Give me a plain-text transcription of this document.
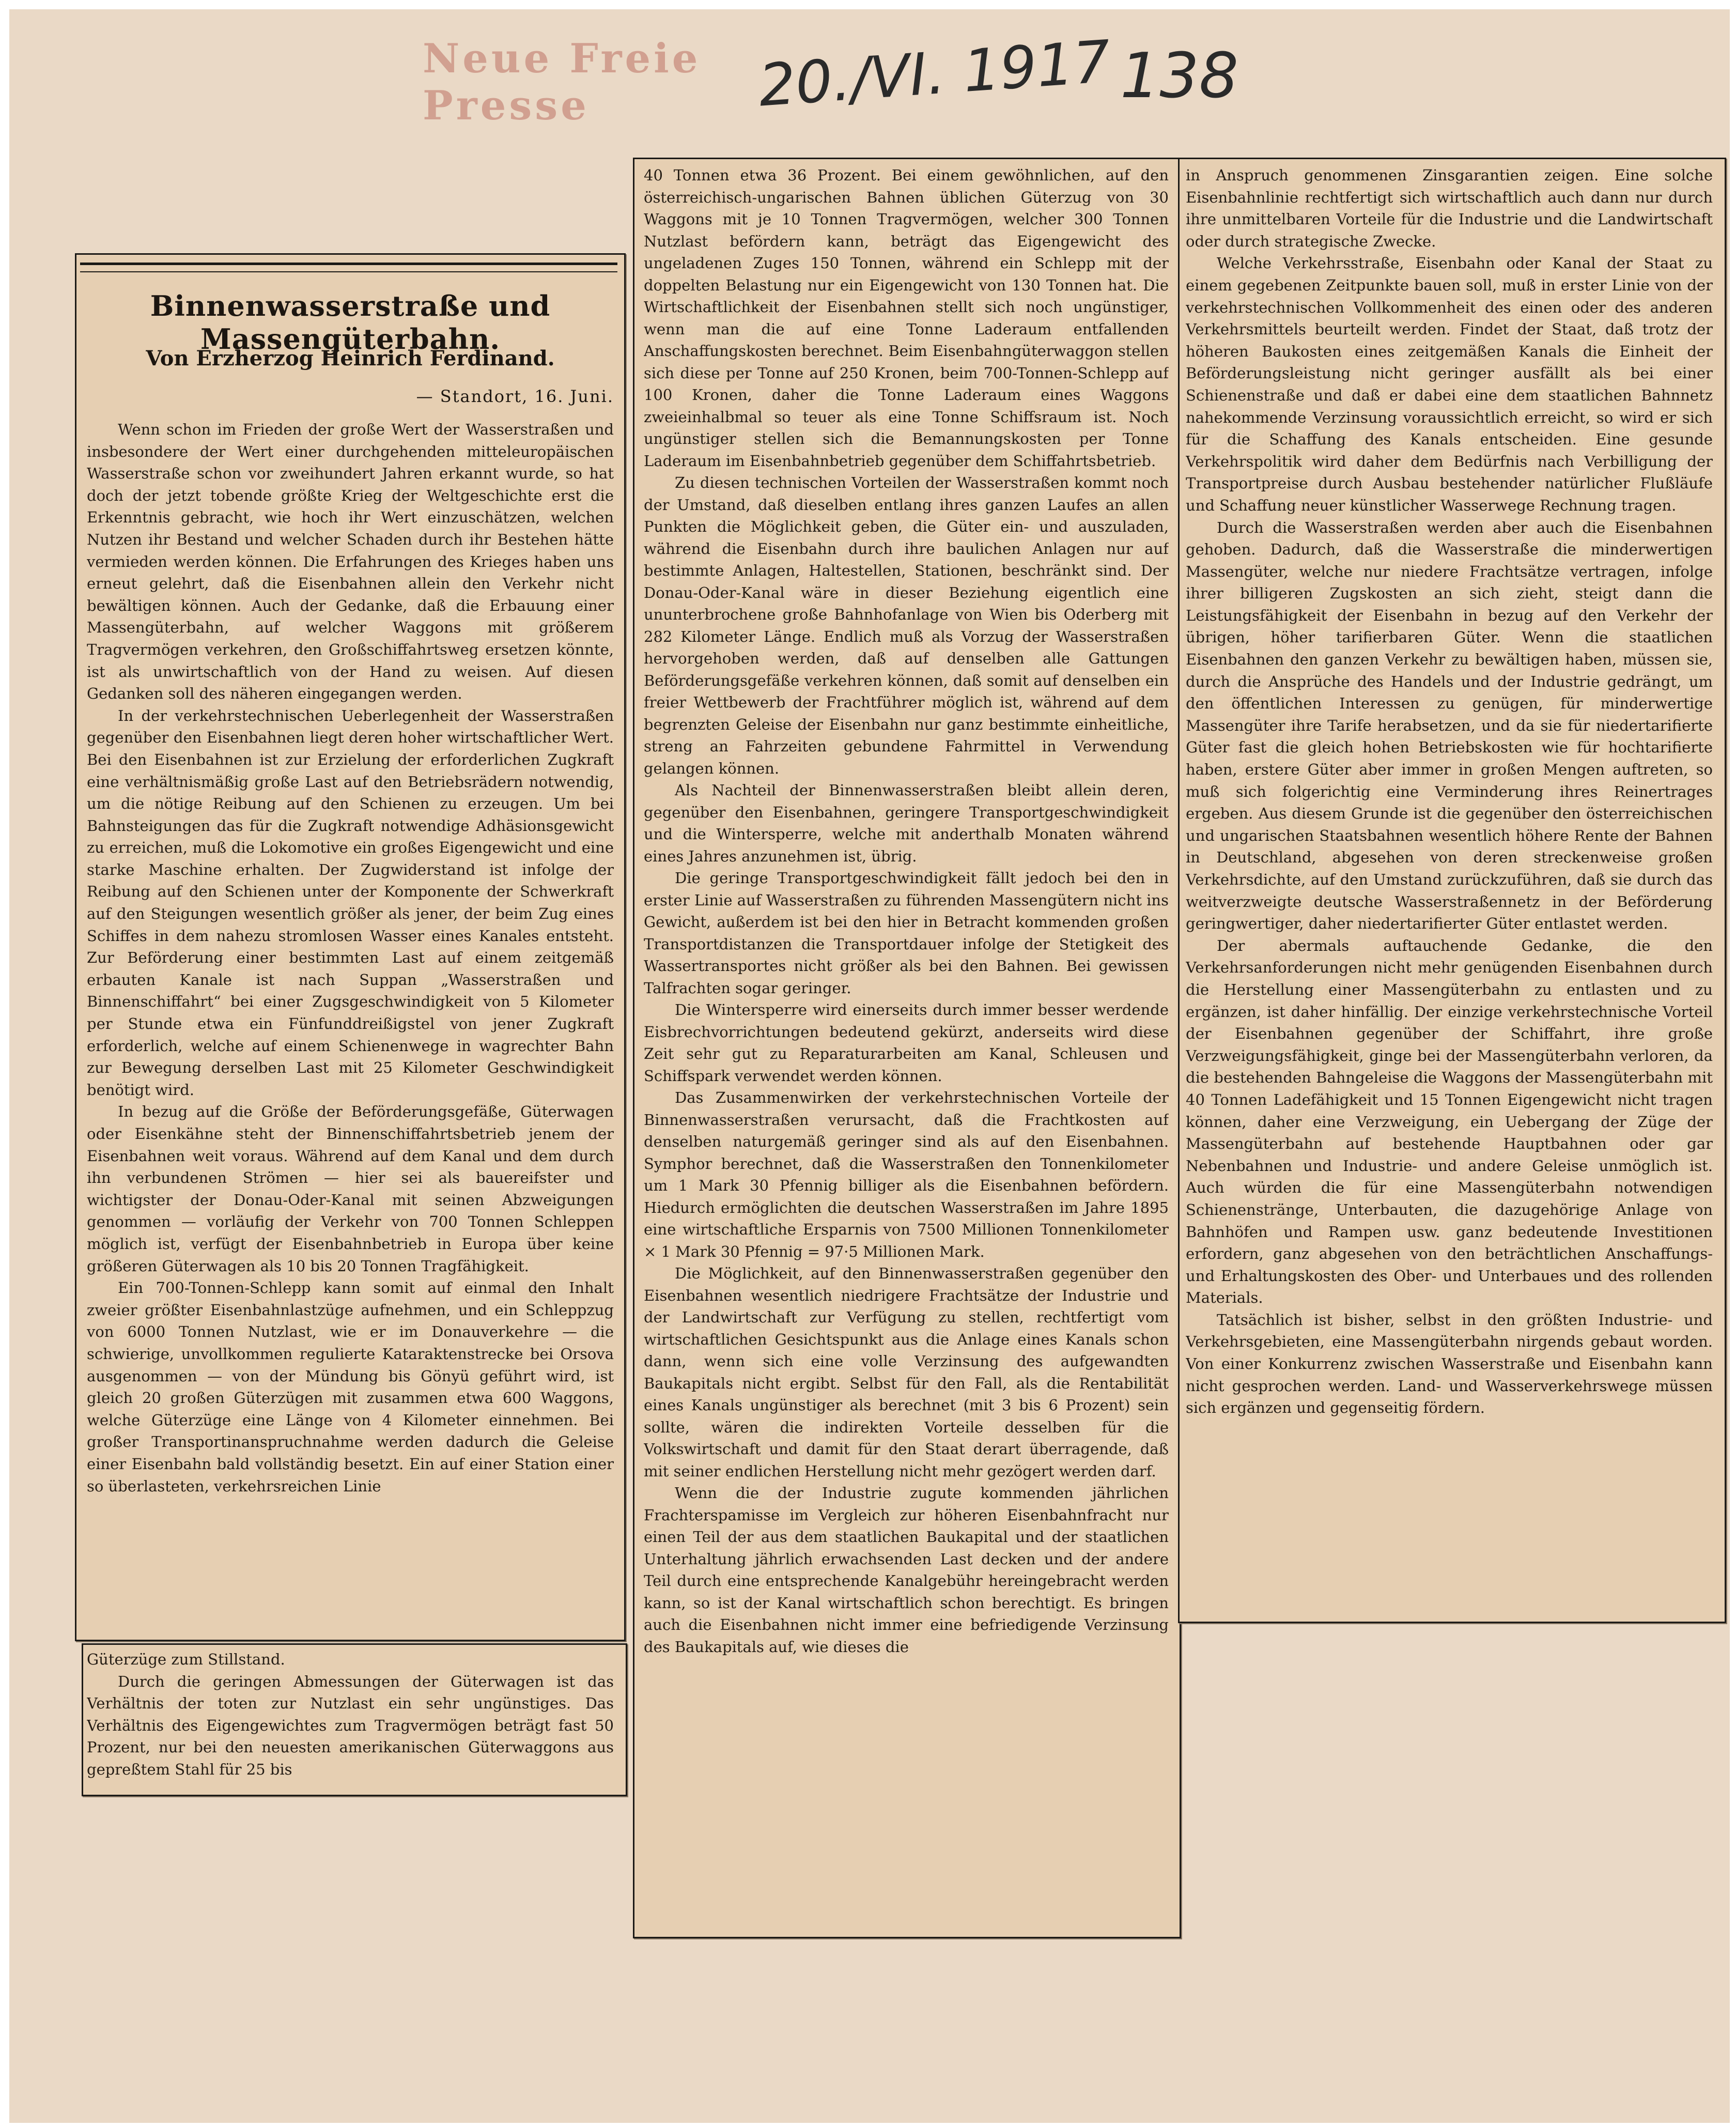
Neue Freie Presse	20./VI. 1917 138
Binnenwasserstraße und Massengüterbahn.
Von Erzherzog Heinrich Ferdinand.
— Standort, 16. Juni.

Wenn schon im Frieden der große Wert der Wasserstraßen und insbesondere der Wert einer durchgehenden mitteleuropäischen Wasserstraße schon vor zweihundert Jahren erkannt wurde, so hat doch der jetzt tobende größte Krieg der Weltgeschichte erst die Erkenntnis gebracht, wie hoch ihr Wert einzuschätzen, welchen Nutzen ihr Bestand und welcher Schaden durch ihr Bestehen hätte vermieden werden können. Die Erfahrungen des Krieges haben uns erneut gelehrt, daß die Eisenbahnen allein den Verkehr nicht bewältigen können. Auch der Gedanke, daß die Erbauung einer Massengüterbahn, auf welcher Waggons mit größerem Tragvermögen verkehren, den Großschiffahrtsweg ersetzen könnte, ist als unwirtschaftlich von der Hand zu weisen. Auf diesen Gedanken soll des näheren eingegangen werden.

In der verkehrstechnischen Ueberlegenheit der Wasserstraßen gegenüber den Eisenbahnen liegt deren hoher wirtschaftlicher Wert. Bei den Eisenbahnen ist zur Erzielung der erforderlichen Zugkraft eine verhältnismäßig große Last auf den Betriebsrädern notwendig, um die nötige Reibung auf den Schienen zu erzeugen. Um bei Bahnsteigungen das für die Zugkraft notwendige Adhäsionsgewicht zu erreichen, muß die Lokomotive ein großes Eigengewicht und eine starke Maschine erhalten. Der Zugwiderstand ist infolge der Reibung auf den Schienen unter der Komponente der Schwerkraft auf den Steigungen wesentlich größer als jener, der beim Zug eines Schiffes in dem nahezu stromlosen Wasser eines Kanales entsteht. Zur Beförderung einer bestimmten Last auf einem zeitgemäß erbauten Kanale ist nach Suppan „Wasserstraßen und Binnenschiffahrt“ bei einer Zugsgeschwindigkeit von 5 Kilometer per Stunde etwa ein Fünfunddreißigstel von jener Zugkraft erforderlich, welche auf einem Schienenwege in wagrechter Bahn zur Bewegung derselben Last mit 25 Kilometer Geschwindigkeit benötigt wird.

In bezug auf die Größe der Beförderungsgefäße, Güterwagen oder Eisenkähne steht der Binnenschiffahrtsbetrieb jenem der Eisenbahnen weit voraus. Während auf dem Kanal und dem durch ihn verbundenen Strömen — hier sei als bauereifster und wichtigster der Donau-Oder-Kanal mit seinen Abzweigungen genommen — vorläufig der Verkehr von 700 Tonnen Schleppen möglich ist, verfügt der Eisenbahnbetrieb in Europa über keine größeren Güterwagen als 10 bis 20 Tonnen Tragfähigkeit.

Ein 700-Tonnen-Schlepp kann somit auf einmal den Inhalt zweier größter Eisenbahnlastzüge aufnehmen, und ein Schleppzug von 6000 Tonnen Nutzlast, wie er im Donauverkehre — die schwierige, unvollkommen regulierte Kataraktenstrecke bei Orsova ausgenommen — von der Mündung bis Gönyü geführt wird, ist gleich 20 großen Güterzügen mit zusammen etwa 600 Waggons, welche Güterzüge eine Länge von 4 Kilometer einnehmen. Bei großer Transportinanspruchnahme werden dadurch die Geleise einer Eisenbahn bald vollständig besetzt. Ein auf einer Station einer so überlasteten, verkehrsreichen Linie

Güterzüge zum Stillstand.

Durch die geringen Abmessungen der Güterwagen ist das Verhältnis der toten zur Nutzlast ein sehr ungünstiges. Das Verhältnis des Eigengewichtes zum Tragvermögen beträgt fast 50 Prozent, nur bei den neuesten amerikanischen Güterwaggons aus gepreßtem Stahl für 25 bis

40 Tonnen etwa 36 Prozent. Bei einem gewöhnlichen, auf den österreichisch-ungarischen Bahnen üblichen Güterzug von 30 Waggons mit je 10 Tonnen Tragvermögen, welcher 300 Tonnen Nutzlast befördern kann, beträgt das Eigengewicht des ungeladenen Zuges 150 Tonnen, während ein Schlepp mit der doppelten Belastung nur ein Eigengewicht von 130 Tonnen hat. Die Wirtschaftlichkeit der Eisenbahnen stellt sich noch ungünstiger, wenn man die auf eine Tonne Laderaum entfallenden Anschaffungskosten berechnet. Beim Eisenbahngüterwaggon stellen sich diese per Tonne auf 250 Kronen, beim 700-Tonnen-Schlepp auf 100 Kronen, daher die Tonne Laderaum eines Waggons zweieinhalbmal so teuer als eine Tonne Schiffsraum ist. Noch ungünstiger stellen sich die Bemannungskosten per Tonne Laderaum im Eisenbahnbetrieb gegenüber dem Schiffahrtsbetrieb.

Zu diesen technischen Vorteilen der Wasserstraßen kommt noch der Umstand, daß dieselben entlang ihres ganzen Laufes an allen Punkten die Möglichkeit geben, die Güter ein- und auszuladen, während die Eisenbahn durch ihre baulichen Anlagen nur auf bestimmte Anlagen, Haltestellen, Stationen, beschränkt sind. Der Donau-Oder-Kanal wäre in dieser Beziehung eigentlich eine ununterbrochene große Bahnhofanlage von Wien bis Oderberg mit 282 Kilometer Länge. Endlich muß als Vorzug der Wasserstraßen hervorgehoben werden, daß auf denselben alle Gattungen Beförderungsgefäße verkehren können, daß somit auf denselben ein freier Wettbewerb der Frachtführer möglich ist, während auf dem begrenzten Geleise der Eisenbahn nur ganz bestimmte einheitliche, streng an Fahrzeiten gebundene Fahrmittel in Verwendung gelangen können.

Als Nachteil der Binnenwasserstraßen bleibt allein deren, gegenüber den Eisenbahnen, geringere Transportgeschwindigkeit und die Wintersperre, welche mit anderthalb Monaten während eines Jahres anzunehmen ist, übrig.

Die geringe Transportgeschwindigkeit fällt jedoch bei den in erster Linie auf Wasserstraßen zu führenden Massengütern nicht ins Gewicht, außerdem ist bei den hier in Betracht kommenden großen Transportdistanzen die Transportdauer infolge der Stetigkeit des Wassertransportes nicht größer als bei den Bahnen. Bei gewissen Talfrachten sogar geringer.

Die Wintersperre wird einerseits durch immer besser werdende Eisbrechvorrichtungen bedeutend gekürzt, anderseits wird diese Zeit sehr gut zu Reparaturarbeiten am Kanal, Schleusen und Schiffspark verwendet werden können.

Das Zusammenwirken der verkehrstechnischen Vorteile der Binnenwasserstraßen verursacht, daß die Frachtkosten auf denselben naturgemäß geringer sind als auf den Eisenbahnen. Symphor berechnet, daß die Wasserstraßen den Tonnenkilometer um 1 Mark 30 Pfennig billiger als die Eisenbahnen befördern. Hiedurch ermöglichten die deutschen Wasserstraßen im Jahre 1895 eine wirtschaftliche Ersparnis von 7500 Millionen Tonnenkilometer × 1 Mark 30 Pfennig = 97·5 Millionen Mark.

Die Möglichkeit, auf den Binnenwasserstraßen gegenüber den Eisenbahnen wesentlich niedrigere Frachtsätze der Industrie und der Landwirtschaft zur Verfügung zu stellen, rechtfertigt vom wirtschaftlichen Gesichtspunkt aus die Anlage eines Kanals schon dann, wenn sich eine volle Verzinsung des aufgewandten Baukapitals nicht ergibt. Selbst für den Fall, als die Rentabilität eines Kanals ungünstiger als berechnet (mit 3 bis 6 Prozent) sein sollte, wären die indirekten Vorteile desselben für die Volkswirtschaft und damit für den Staat derart überragende, daß mit seiner endlichen Herstellung nicht mehr gezögert werden darf.

Wenn die der Industrie zugute kommenden jährlichen Frachterspamisse im Vergleich zur höheren Eisenbahnfracht nur einen Teil der aus dem staatlichen Baukapital und der staatlichen Unterhaltung jährlich erwachsenden Last decken und der andere Teil durch eine entsprechende Kanalgebühr hereingebracht werden kann, so ist der Kanal wirtschaftlich schon berechtigt. Es bringen auch die Eisenbahnen nicht immer eine befriedigende Verzinsung des Baukapitals auf, wie dieses die

in Anspruch genommenen Zinsgarantien zeigen. Eine solche Eisenbahnlinie rechtfertigt sich wirtschaftlich auch dann nur durch ihre unmittelbaren Vorteile für die Industrie und die Landwirtschaft oder durch strategische Zwecke.

Welche Verkehrsstraße, Eisenbahn oder Kanal der Staat zu einem gegebenen Zeitpunkte bauen soll, muß in erster Linie von der verkehrstechnischen Vollkommenheit des einen oder des anderen Verkehrsmittels beurteilt werden. Findet der Staat, daß trotz der höheren Baukosten eines zeitgemäßen Kanals die Einheit der Beförderungsleistung nicht geringer ausfällt als bei einer Schienenstraße und daß er dabei eine dem staatlichen Bahnnetz nahekommende Verzinsung voraussichtlich erreicht, so wird er sich für die Schaffung des Kanals entscheiden. Eine gesunde Verkehrspolitik wird daher dem Bedürfnis nach Verbilligung der Transportpreise durch Ausbau bestehender natürlicher Flußläufe und Schaffung neuer künstlicher Wasserwege Rechnung tragen.

Durch die Wasserstraßen werden aber auch die Eisenbahnen gehoben. Dadurch, daß die Wasserstraße die minderwertigen Massengüter, welche nur niedere Frachtsätze vertragen, infolge ihrer billigeren Zugskosten an sich zieht, steigt dann die Leistungsfähigkeit der Eisenbahn in bezug auf den Verkehr der übrigen, höher tarifierbaren Güter. Wenn die staatlichen Eisenbahnen den ganzen Verkehr zu bewältigen haben, müssen sie, durch die Ansprüche des Handels und der Industrie gedrängt, um den öffentlichen Interessen zu genügen, für minderwertige Massengüter ihre Tarife herabsetzen, und da sie für niedertarifierte Güter fast die gleich hohen Betriebskosten wie für hochtarifierte haben, erstere Güter aber immer in großen Mengen auftreten, so muß sich folgerichtig eine Verminderung ihres Reinertrages ergeben. Aus diesem Grunde ist die gegenüber den österreichischen und ungarischen Staatsbahnen wesentlich höhere Rente der Bahnen in Deutschland, abgesehen von deren streckenweise großen Verkehrsdichte, auf den Umstand zurückzuführen, daß sie durch das weitverzweigte deutsche Wasserstraßennetz in der Beförderung geringwertiger, daher niedertarifierter Güter entlastet werden.

Der abermals auftauchende Gedanke, die den Verkehrsanforderungen nicht mehr genügenden Eisenbahnen durch die Herstellung einer Massengüterbahn zu entlasten und zu ergänzen, ist daher hinfällig. Der einzige verkehrstechnische Vorteil der Eisenbahnen gegenüber der Schiffahrt, ihre große Verzweigungsfähigkeit, ginge bei der Massengüterbahn verloren, da die bestehenden Bahngeleise die Waggons der Massengüterbahn mit 40 Tonnen Ladefähigkeit und 15 Tonnen Eigengewicht nicht tragen können, daher eine Verzweigung, ein Uebergang der Züge der Massengüterbahn auf bestehende Hauptbahnen oder gar Nebenbahnen und Industrie- und andere Geleise unmöglich ist. Auch würden die für eine Massengüterbahn notwendigen Schienenstränge, Unterbauten, die dazugehörige Anlage von Bahnhöfen und Rampen usw. ganz bedeutende Investitionen erfordern, ganz abgesehen von den beträchtlichen Anschaffungs- und Erhaltungskosten des Ober- und Unterbaues und des rollenden Materials.

Tatsächlich ist bisher, selbst in den größten Industrie- und Verkehrsgebieten, eine Massengüterbahn nirgends gebaut worden. Von einer Konkurrenz zwischen Wasserstraße und Eisenbahn kann nicht gesprochen werden. Land- und Wasserverkehrswege müssen sich ergänzen und gegenseitig fördern.
